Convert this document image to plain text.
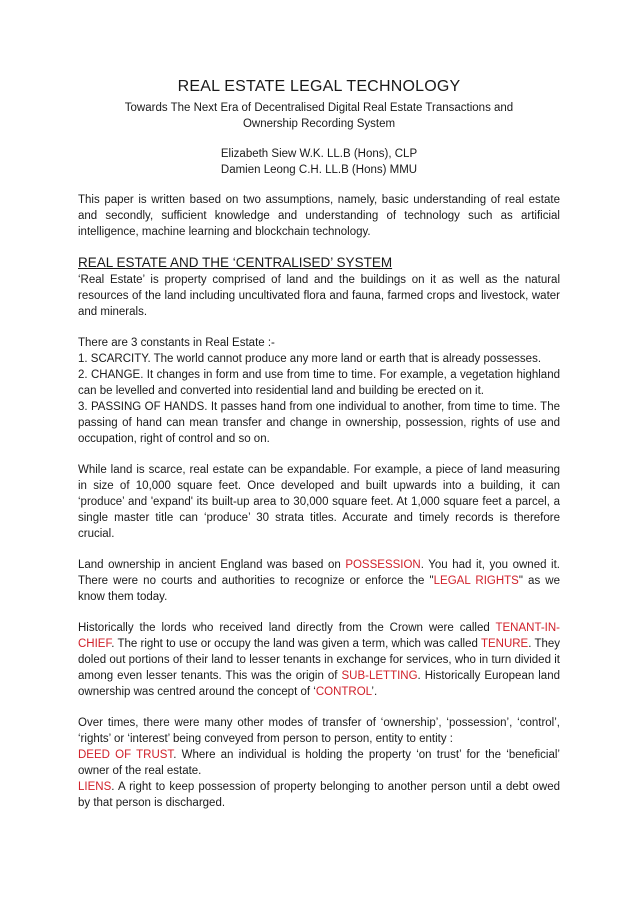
REAL ESTATE LEGAL TECHNOLOGY
Towards The Next Era of Decentralised Digital Real Estate Transactions and
Ownership Recording System
Elizabeth Siew W.K. LL.B (Hons), CLP
Damien Leong C.H. LL.B (Hons) MMU

This paper is written based on two assumptions, namely, basic understanding of real estate and secondly, sufficient knowledge and understanding of technology such as artificial intelligence, machine learning and blockchain technology.

REAL ESTATE AND THE ‘CENTRALISED’ SYSTEM

‘Real Estate’ is property comprised of land and the buildings on it as well as the natural resources of the land including uncultivated flora and fauna, farmed crops and livestock, water and minerals.

There are 3 constants in Real Estate :-

1. SCARCITY. The world cannot produce any more land or earth that is already possesses.

2. CHANGE. It changes in form and use from time to time. For example, a vegetation highland can be levelled and converted into residential land and building be erected on it.

3. PASSING OF HANDS. It passes hand from one individual to another, from time to time. The passing of hand can mean transfer and change in ownership, possession, rights of use and occupation, right of control and so on.

While land is scarce, real estate can be expandable. For example, a piece of land measuring in size of 10,000 square feet. Once developed and built upwards into a building, it can ‘produce’ and 'expand' its built-up area to 30,000 square feet. At 1,000 square feet a parcel, a single master title can ‘produce’ 30 strata titles. Accurate and timely records is therefore crucial.

Land ownership in ancient England was based on POSSESSION. You had it, you owned it. There were no courts and authorities to recognize or enforce the "LEGAL RIGHTS" as we know them today.

Historically the lords who received land directly from the Crown were called TENANT-IN-CHIEF. The right to use or occupy the land was given a term, which was called TENURE. They doled out portions of their land to lesser tenants in exchange for services, who in turn divided it among even lesser tenants. This was the origin of SUB-LETTING. Historically European land ownership was centred around the concept of ‘CONTROL’.

Over times, there were many other modes of transfer of ‘ownership’, ‘possession’, ‘control’, ‘rights’ or ‘interest’ being conveyed from person to person, entity to entity :

DEED OF TRUST. Where an individual is holding the property ‘on trust’ for the ‘beneficial’ owner of the real estate.

LIENS. A right to keep possession of property belonging to another person until a debt owed by that person is discharged.
